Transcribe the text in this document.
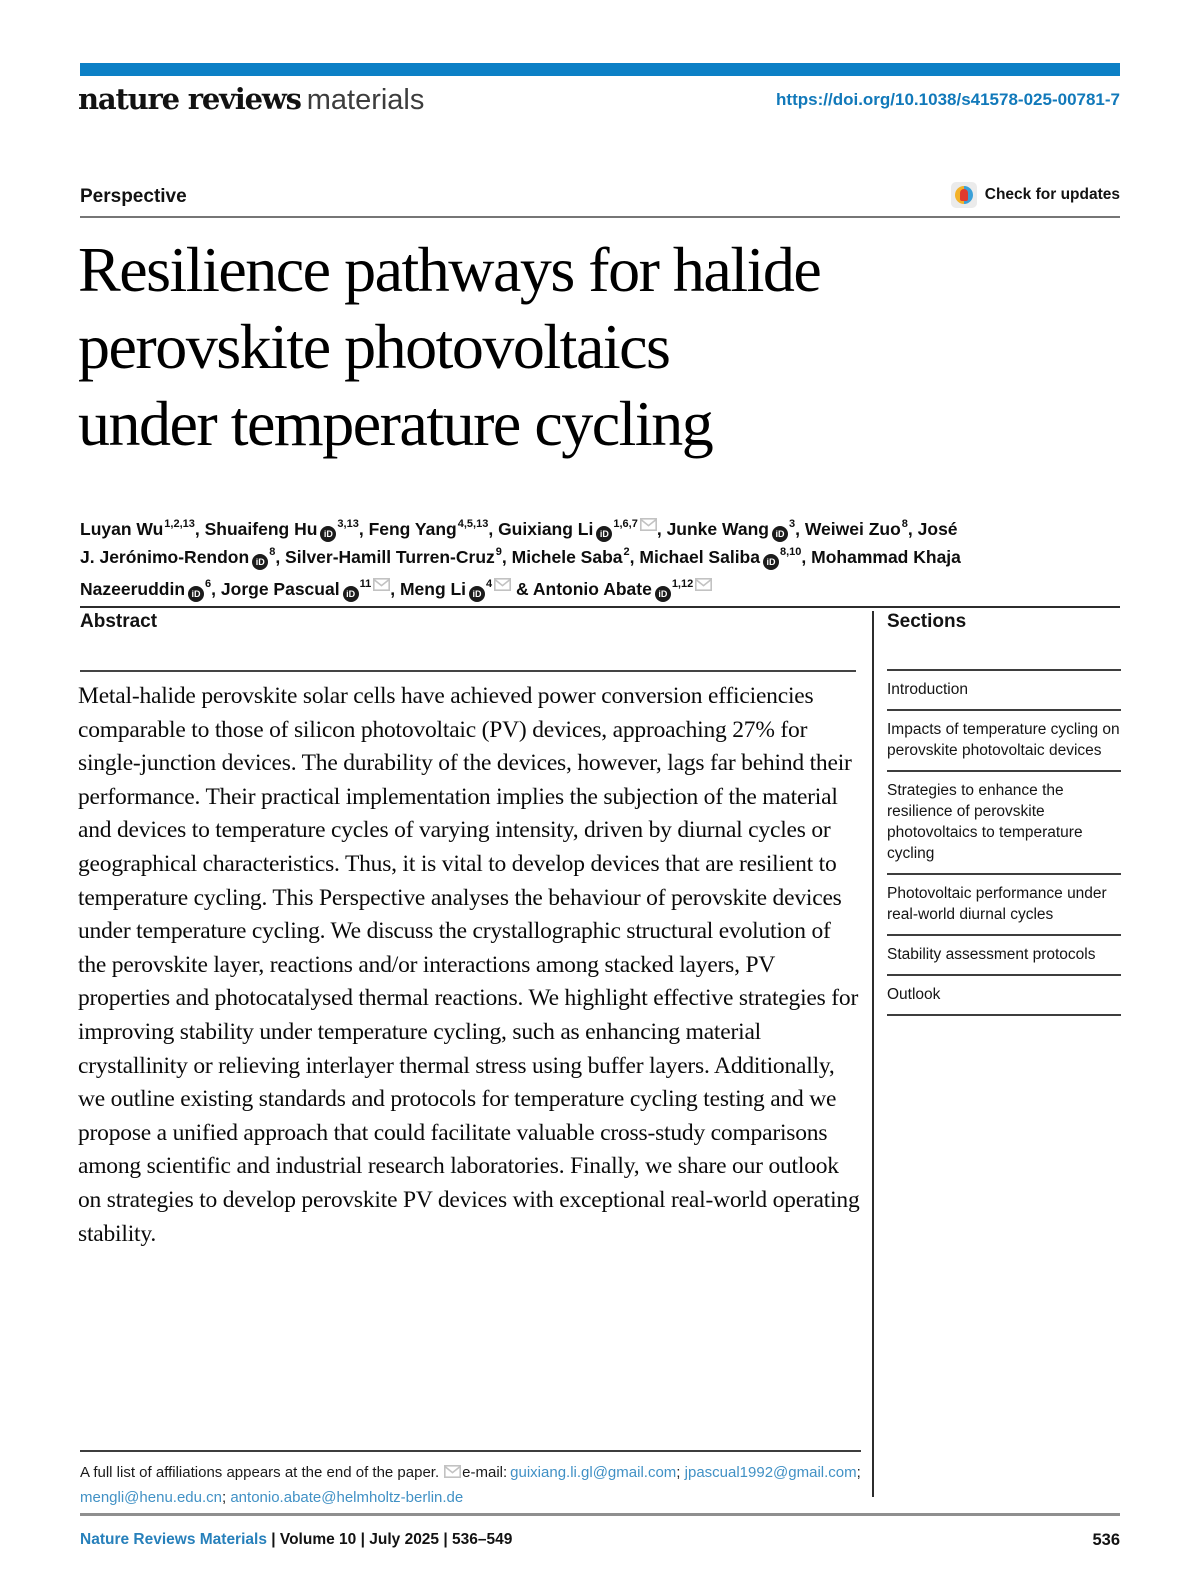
nature reviews materials	https://doi.org/10.1038/s41578-025-00781-7
Perspective	Check for updates
Resilience pathways for halide
perovskite photovoltaics
under temperature cycling

Luyan Wu$^{1,2,13}$, Shuaifeng Hu iD$^{3,13}$, Feng Yang$^{4,5,13}$, Guixiang Li iD$^{1,6,7}$ , Junke Wang $iD^3$, Weiwei Zuo$^8$, José J. Jerónimo-Rendon $iD^8$, Silver-Hamill Turren-Cruz$^9$, Michele Saba$^2$, Michael Saliba iD$^{8,10}$, Mohammad Khaja Nazeeruddin $iD^6$, Jorge Pascual $iD^{11}$ , Meng Li $iD^4$ & Antonio Abate iD$^{1,12}$

Abstract

Metal-halide perovskite solar cells have achieved power conversion efficiencies comparable to those of silicon photovoltaic (PV) devices, approaching 27% for single-junction devices. The durability of the devices, however, lags far behind their performance. Their practical implementation implies the subjection of the material and devices to temperature cycles of varying intensity, driven by diurnal cycles or geographical characteristics. Thus, it is vital to develop devices that are resilient to temperature cycling. This Perspective analyses the behaviour of perovskite devices under temperature cycling. We discuss the crystallographic structural evolution of the perovskite layer, reactions and/or interactions among stacked layers, PV properties and photocatalysed thermal reactions. We highlight effective strategies for improving stability under temperature cycling, such as enhancing material crystallinity or relieving interlayer thermal stress using buffer layers. Additionally, we outline existing standards and protocols for temperature cycling testing and we propose a unified approach that could facilitate valuable cross-study comparisons among scientific and industrial research laboratories. Finally, we share our outlook on strategies to develop perovskite PV devices with exceptional real-world operating stability.

Sections
Introduction
Impacts of temperature cycling on perovskite photovoltaic devices
Strategies to enhance the resilience of perovskite photovoltaics to temperature cycling
Photovoltaic performance under real-world diurnal cycles
Stability assessment protocols
Outlook

A full list of affiliations appears at the end of the paper. e-mail: guixiang.li.gl@gmail.com; jpascual1992@gmail.com; mengli@henu.edu.cn; antonio.abate@helmholtz-berlin.de

Nature Reviews Materials | Volume 10 | July 2025 | 536–549	536
